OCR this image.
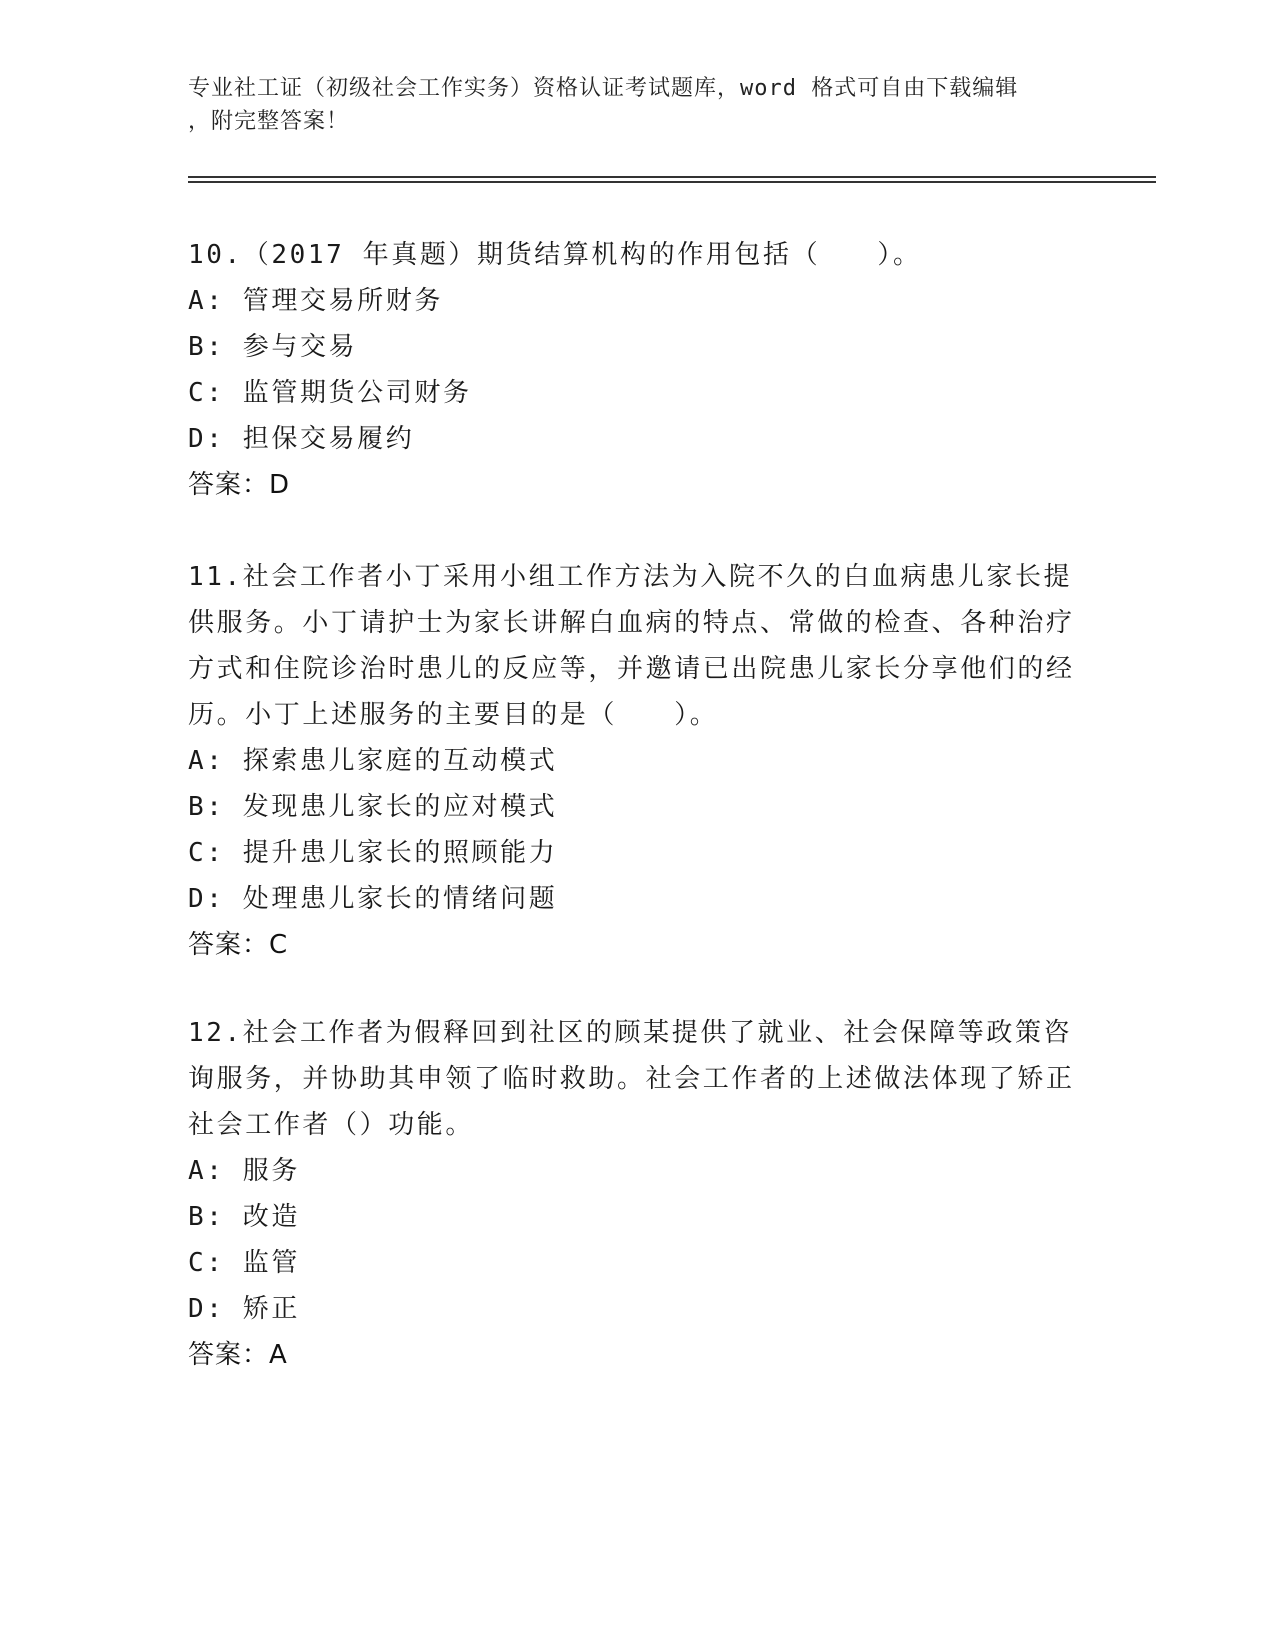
专业社工证（初级社会工作实务）资格认证考试题库，word 格式可自由下载编辑
，附完整答案！

10.（2017 年真题）期货结算机构的作用包括（　　）。

A: 管理交易所财务
B: 参与交易
C: 监管期货公司财务
D: 担保交易履约
答案：D

11.社会工作者小丁采用小组工作方法为入院不久的白血病患儿家长提供服务。小丁请护士为家长讲解白血病的特点、常做的检查、各种治疗方式和住院诊治时患儿的反应等，并邀请已出院患儿家长分享他们的经历。小丁上述服务的主要目的是（　　）。

A: 探索患儿家庭的互动模式
B: 发现患儿家长的应对模式
C: 提升患儿家长的照顾能力
D: 处理患儿家长的情绪问题
答案：C

12.社会工作者为假释回到社区的顾某提供了就业、社会保障等政策咨询服务，并协助其申领了临时救助。社会工作者的上述做法体现了矫正社会工作者（）功能。

A: 服务
B: 改造
C: 监管
D: 矫正
答案：A
